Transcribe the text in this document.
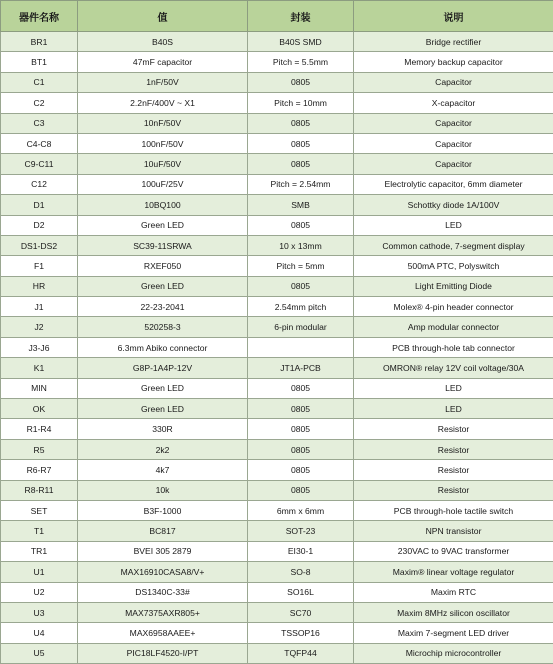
器件名称	值	封装	说明
BR1	B40S	B40S SMD	Bridge rectifier
BT1	47mF capacitor	Pitch = 5.5mm	Memory backup capacitor
C1	1nF/50V	0805	Capacitor
C2	2.2nF/400V ~ X1	Pitch = 10mm	X-capacitor
C3	10nF/50V	0805	Capacitor
C4-C8	100nF/50V	0805	Capacitor
C9-C11	10uF/50V	0805	Capacitor
C12	100uF/25V	Pitch = 2.54mm	Electrolytic capacitor, 6mm diameter
D1	10BQ100	SMB	Schottky diode 1A/100V
D2	Green LED	0805	LED
DS1-DS2	SC39-11SRWA	10 x 13mm	Common cathode, 7-segment display
F1	RXEF050	Pitch = 5mm	500mA PTC, Polyswitch
HR	Green LED	0805	Light Emitting Diode
J1	22-23-2041	2.54mm pitch	Molex® 4-pin header connector
J2	520258-3	6-pin modular	Amp modular connector
J3-J6	6.3mm Abiko connector		PCB through-hole tab connector
K1	G8P-1A4P-12V	JT1A-PCB	OMRON® relay 12V coil voltage/30A
MIN	Green LED	0805	LED
OK	Green LED	0805	LED
R1-R4	330R	0805	Resistor
R5	2k2	0805	Resistor
R6-R7	4k7	0805	Resistor
R8-R11	10k	0805	Resistor
SET	B3F-1000	6mm x 6mm	PCB through-hole tactile switch
T1	BC817	SOT-23	NPN transistor
TR1	BVEI 305 2879	EI30-1	230VAC to 9VAC transformer
U1	MAX16910CASA8/V+	SO-8	Maxim® linear voltage regulator
U2	DS1340C-33#	SO16L	Maxim RTC
U3	MAX7375AXR805+	SC70	Maxim 8MHz silicon oscillator
U4	MAX6958AAEE+	TSSOP16	Maxim 7-segment LED driver
U5	PIC18LF4520-I/PT	TQFP44	Microchip microcontroller
